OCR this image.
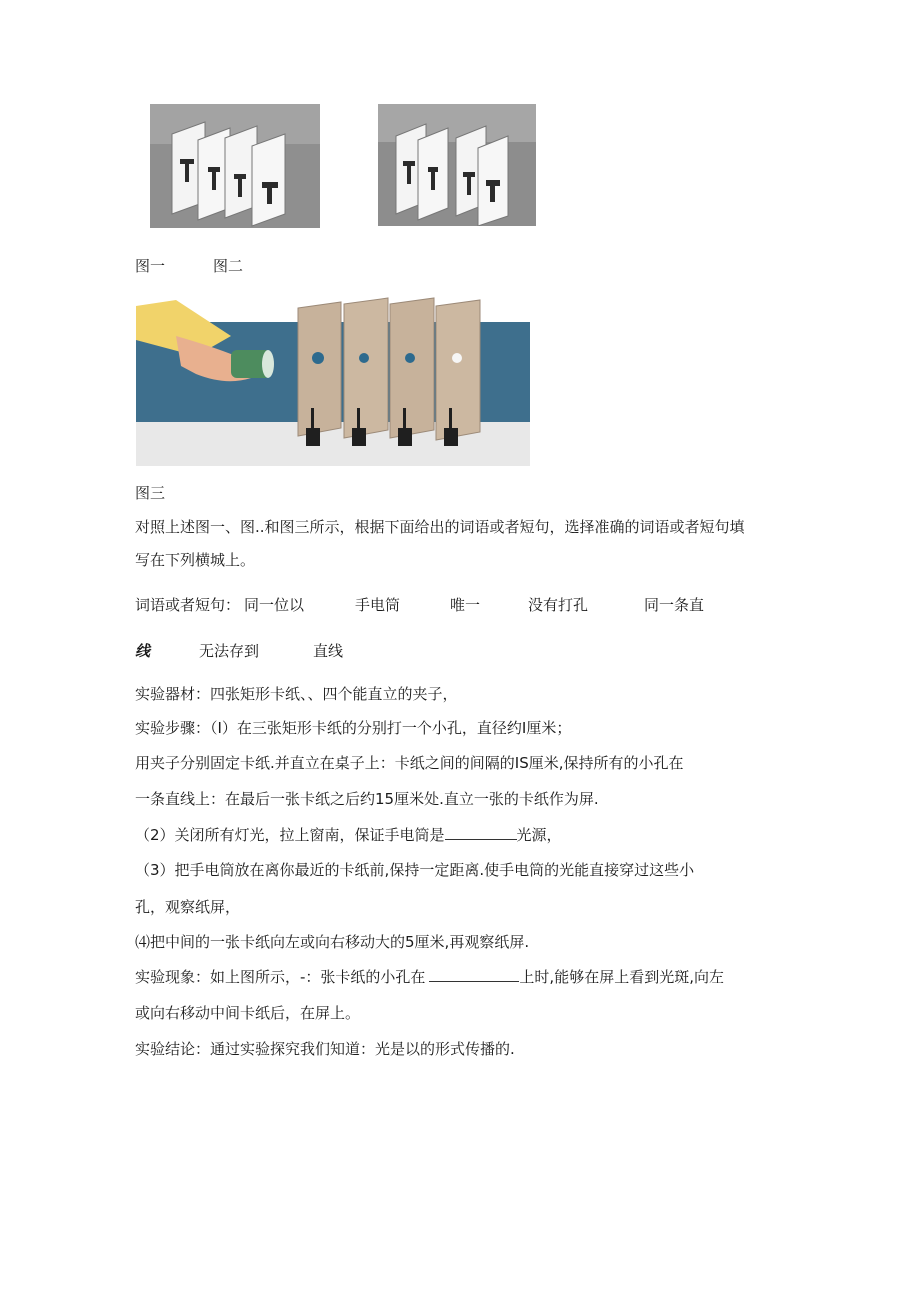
图一	图二
图三
对照上述图一、图..和图三所示，根据下面给出的词语或者短句，选择准确的词语或者短句填
写在下列横城上。
词语或者短句： 同一位以	手电筒	唯一	没有打孔	同一条直
线	无法存到	直线
实验器材：四张矩形卡纸、、四个能直立的夹子，
实验步骤：（I）在三张矩形卡纸的分别打一个小孔，直径约I厘米；
用夹子分别固定卡纸.并直立在桌子上：卡纸之间的间隔的IS厘米,保持所有的小孔在
一条直线上：在最后一张卡纸之后约15厘米处.直立一张的卡纸作为屏.
（2）关闭所有灯光，拉上窗南，保证手电筒是	光源，
（3）把手电筒放在离你最近的卡纸前,保持一定距离.使手电筒的光能直接穿过这些小
孔，观察纸屏，
⑷把中间的一张卡纸向左或向右移动大的5厘米,再观察纸屏.
实验现象：如上图所示，-：张卡纸的小孔在	上时,能够在屏上看到光斑,向左
或向右移动中间卡纸后，在屏上。
实验结论：通过实验探究我们知道：光是以的形式传播的.
